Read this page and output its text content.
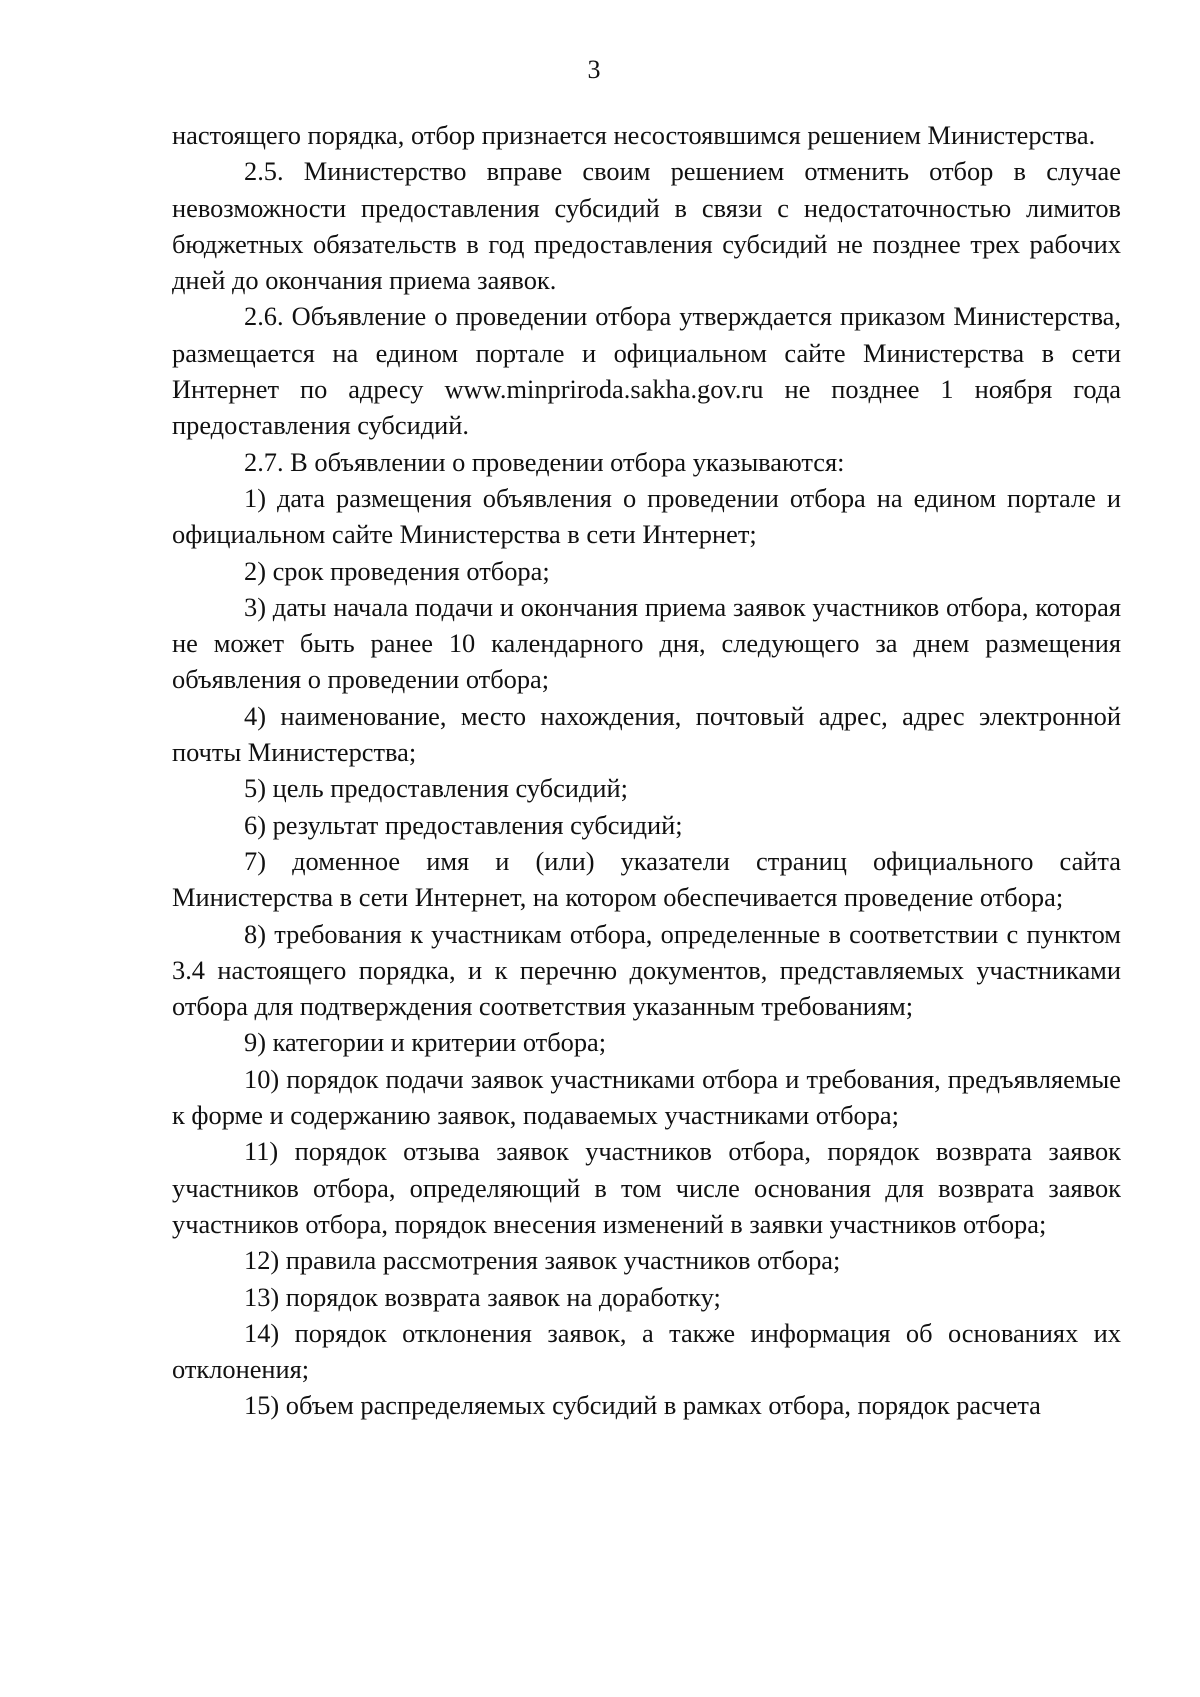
3

настоящего порядка, отбор признается несостоявшимся решением Министерства.

2.5. Министерство вправе своим решением отменить отбор в случае невозможности предоставления субсидий в связи с недостаточностью лимитов бюджетных обязательств в год предоставления субсидий не позднее трех рабочих дней до окончания приема заявок.

2.6. Объявление о проведении отбора утверждается приказом Министерства, размещается на едином портале и официальном сайте Министерства в сети Интернет по адресу www.minpriroda.sakha.gov.ru не позднее 1 ноября года предоставления субсидий.

2.7. В объявлении о проведении отбора указываются:

1) дата размещения объявления о проведении отбора на едином портале и официальном сайте Министерства в сети Интернет;

2) срок проведения отбора;

3) даты начала подачи и окончания приема заявок участников отбора, которая не может быть ранее 10 календарного дня, следующего за днем размещения объявления о проведении отбора;

4) наименование, место нахождения, почтовый адрес, адрес электронной почты Министерства;

5) цель предоставления субсидий;

6) результат предоставления субсидий;

7) доменное имя и (или) указатели страниц официального сайта Министерства в сети Интернет, на котором обеспечивается проведение отбора;

8) требования к участникам отбора, определенные в соответствии с пунктом 3.4 настоящего порядка, и к перечню документов, представляемых участниками отбора для подтверждения соответствия указанным требованиям;

9) категории и критерии отбора;

10) порядок подачи заявок участниками отбора и требования, предъявляемые к форме и содержанию заявок, подаваемых участниками отбора;

11) порядок отзыва заявок участников отбора, порядок возврата заявок участников отбора, определяющий в том числе основания для возврата заявок участников отбора, порядок внесения изменений в заявки участников отбора;

12) правила рассмотрения заявок участников отбора;

13) порядок возврата заявок на доработку;

14) порядок отклонения заявок, а также информация об основаниях их отклонения;

15) объем распределяемых субсидий в рамках отбора, порядок расчета
